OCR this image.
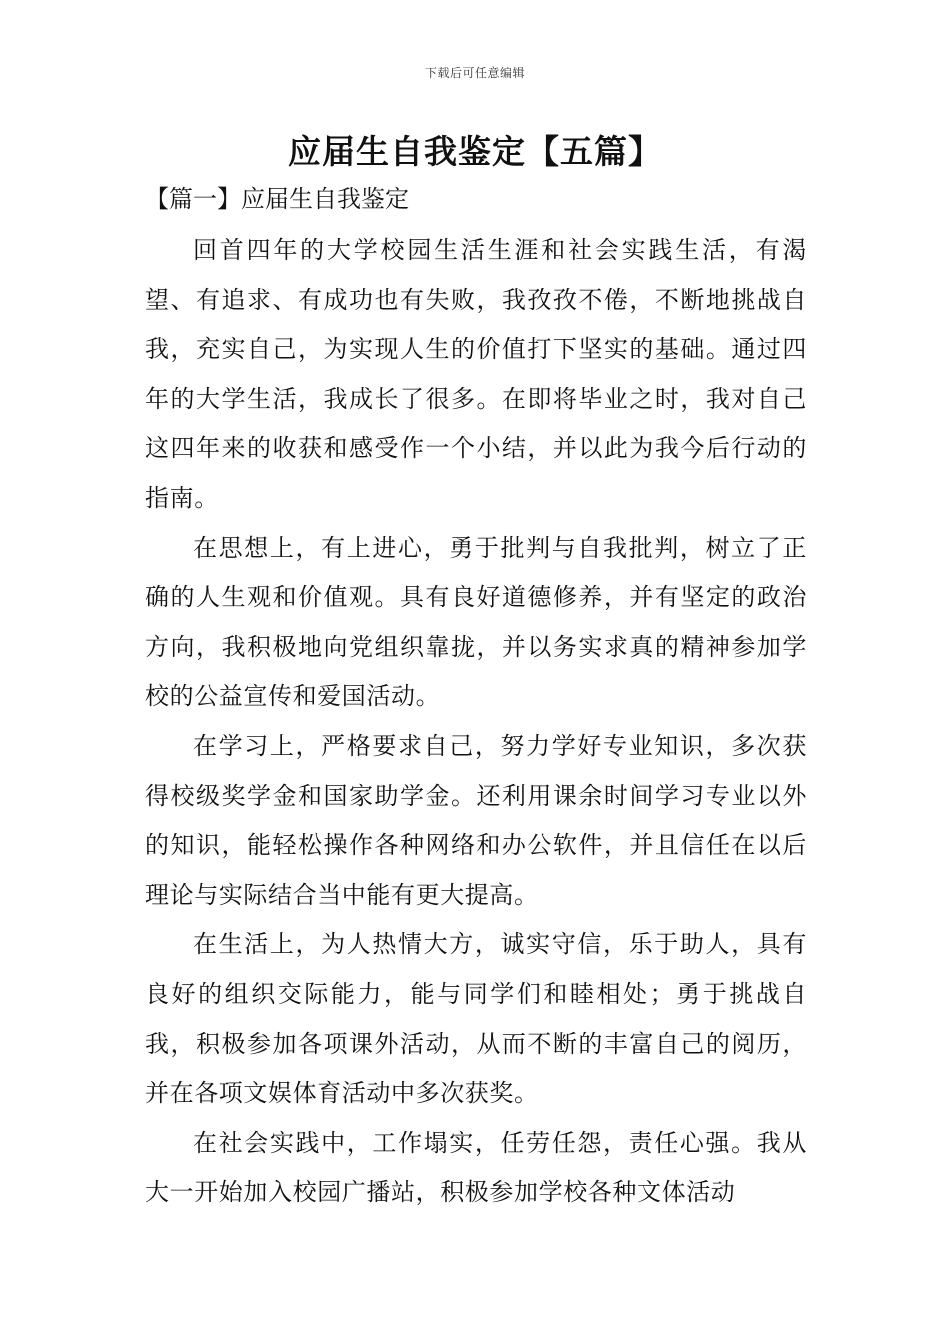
下载后可任意编辑
应届生自我鉴定【五篇】
【篇一】应届生自我鉴定

回首四年的大学校园生活生涯和社会实践生活，有渴望、有追求、有成功也有失败，我孜孜不倦，不断地挑战自我，充实自己，为实现人生的价值打下坚实的基础。通过四年的大学生活，我成长了很多。在即将毕业之时，我对自己这四年来的收获和感受作一个小结，并以此为我今后行动的指南。

在思想上，有上进心，勇于批判与自我批判，树立了正确的人生观和价值观。具有良好道德修养，并有坚定的政治方向，我积极地向党组织靠拢，并以务实求真的精神参加学校的公益宣传和爱国活动。

在学习上，严格要求自己，努力学好专业知识，多次获得校级奖学金和国家助学金。还利用课余时间学习专业以外的知识，能轻松操作各种网络和办公软件，并且信任在以后理论与实际结合当中能有更大提高。

在生活上，为人热情大方，诚实守信，乐于助人，具有良好的组织交际能力，能与同学们和睦相处；勇于挑战自我，积极参加各项课外活动，从而不断的丰富自己的阅历，并在各项文娱体育活动中多次获奖。

在社会实践中，工作塌实，任劳任怨，责任心强。我从大一开始加入校园广播站，积极参加学校各种文体活动
